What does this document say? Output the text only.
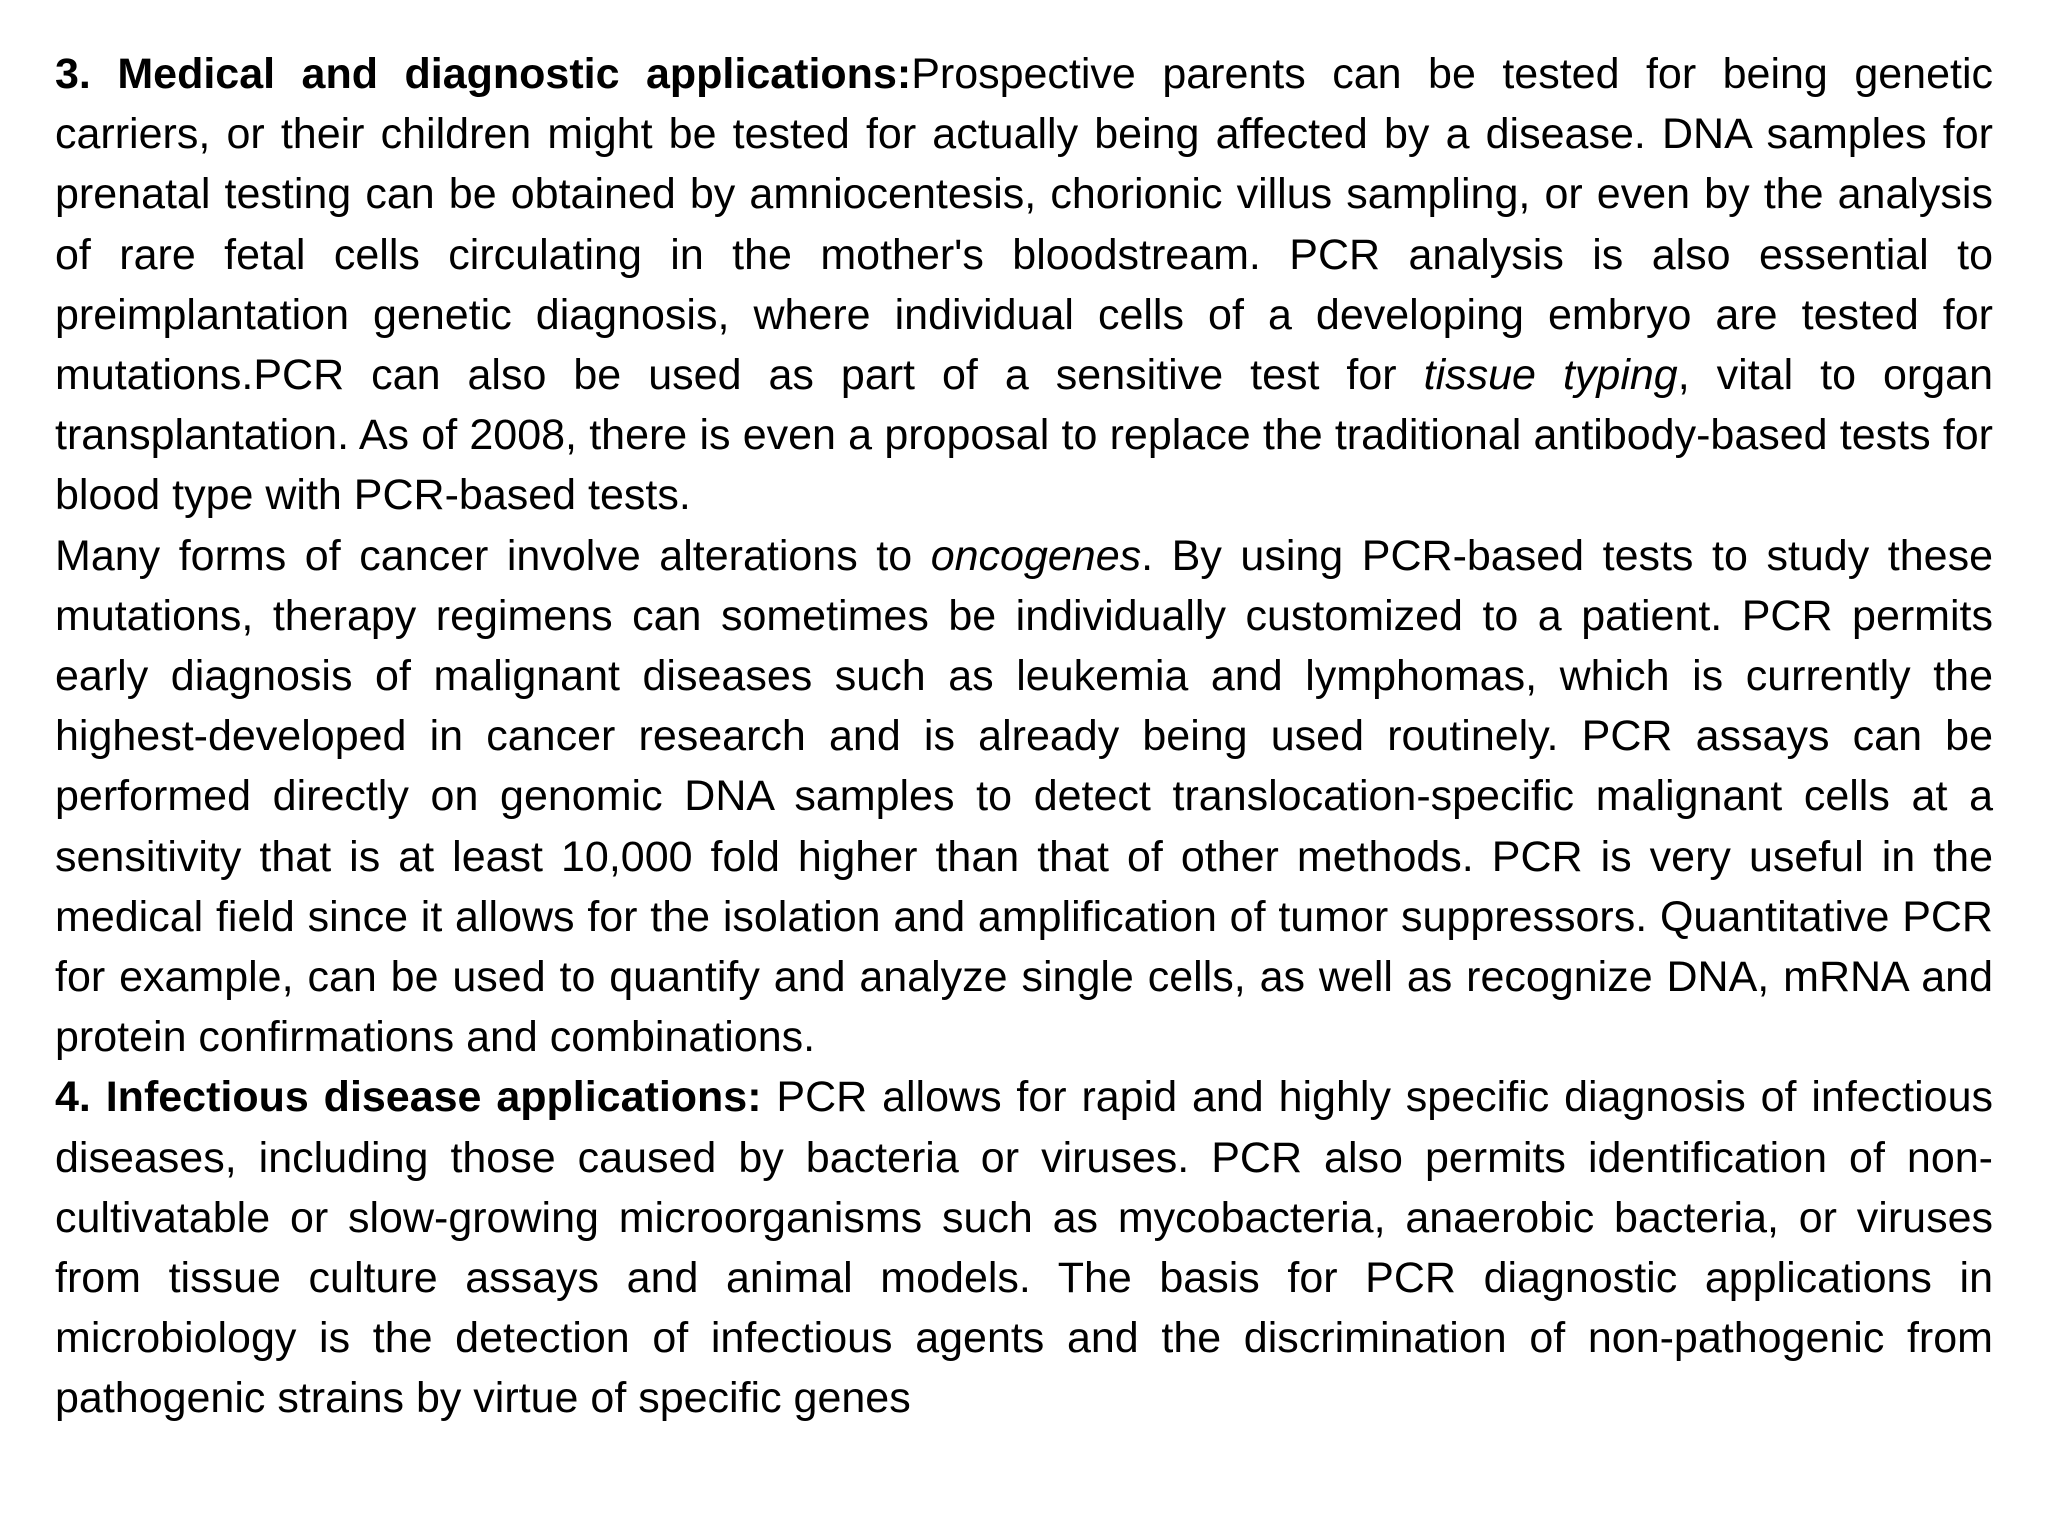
3. Medical and diagnostic applications:Prospective parents can be tested for being genetic carriers, or their children might be tested for actually being affected by a disease. DNA samples for prenatal testing can be obtained by amniocentesis, chorionic villus sampling, or even by the analysis of rare fetal cells circulating in the mother's bloodstream. PCR analysis is also essential to preimplantation genetic diagnosis, where individual cells of a developing embryo are tested for mutations.PCR can also be used as part of a sensitive test for tissue typing, vital to organ transplantation. As of 2008, there is even a proposal to replace the traditional antibody-based tests for blood type with PCR-based tests.

Many forms of cancer involve alterations to oncogenes. By using PCR-based tests to study these mutations, therapy regimens can sometimes be individually customized to a patient. PCR permits early diagnosis of malignant diseases such as leukemia and lymphomas, which is currently the highest-developed in cancer research and is already being used routinely. PCR assays can be performed directly on genomic DNA samples to detect translocation-specific malignant cells at a sensitivity that is at least 10,000 fold higher than that of other methods. PCR is very useful in the medical field since it allows for the isolation and amplification of tumor suppressors. Quantitative PCR for example, can be used to quantify and analyze single cells, as well as recognize DNA, mRNA and protein confirmations and combinations.

4. Infectious disease applications: PCR allows for rapid and highly specific diagnosis of infectious diseases, including those caused by bacteria or viruses. PCR also permits identification of non-cultivatable or slow-growing microorganisms such as mycobacteria, anaerobic bacteria, or viruses from tissue culture assays and animal models. The basis for PCR diagnostic applications in microbiology is the detection of infectious agents and the discrimination of non-pathogenic from pathogenic strains by virtue of specific genes
